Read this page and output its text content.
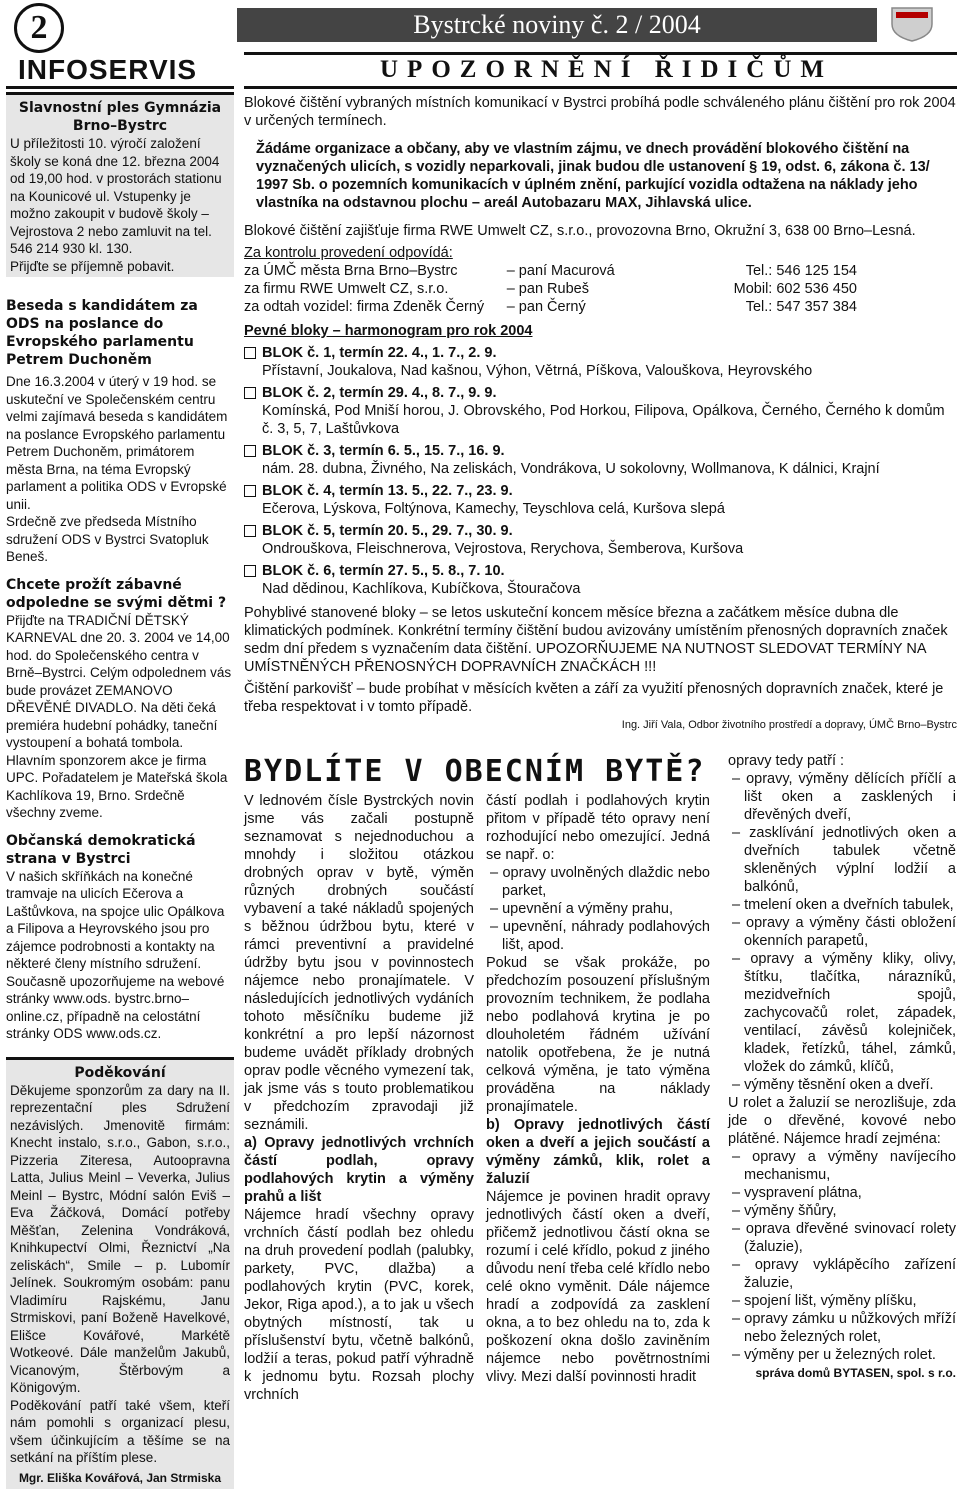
2	Bystrcké noviny č. 2 / 2004
INFOSERVIS
Slavnostní ples Gymnázia Brno–Bystrc
U příležitosti 10. výročí založení školy se koná dne 12. března 2004 od 19,00 hod. v prostorách stationu na Kounicové ul. Vstupenky je možno zakoupit v budově školy – Vejrostova 2 nebo zamluvit na tel. 546 214 930 kl. 130.
Přijďte se příjemně pobavit.
Beseda s kandidátem za ODS na poslance do Evropského parlamentu Petrem Duchoněm
Dne 16.3.2004 v úterý v 19 hod. se uskuteční ve Společenském centru velmi zajímavá beseda s kandidátem na poslance Evropského parlamentu Petrem Duchoněm, primátorem města Brna, na téma Evropský parlament a politika ODS v Evropské unii.
Srdečně zve předseda Místního sdružení ODS v Bystrci Svatopluk Beneš.
Chcete prožít zábavné odpoledne se svými dětmi ?
Přijďte na TRADIČNÍ DĚTSKÝ KARNEVAL dne 20. 3. 2004 ve 14,00 hod. do Společenského centra v Brně–Bystrci. Celým odpolednem vás bude provázet ZEMANOVO DŘEVĚNÉ DIVADLO. Na děti čeká premiéra hudební pohádky, taneční vystoupení a bohatá tombola. Hlavním sponzorem akce je firma UPC. Pořadatelem je Mateřská škola Kachlíkova 19, Brno. Srdečně všechny zveme.
Občanská demokratická strana v Bystrci
V našich skříňkách na konečné tramvaje na ulicích Ečerova a Laštůvkova, na spojce ulic Opálkova a Filipova a Heyrovského jsou pro zájemce podrobnosti a kontakty na některé členy místního sdružení. Současně upozorňujeme na webové stránky www.ods. bystrc.brno–online.cz, případně na celostátní stránky ODS www.ods.cz.
Poděkování
Děkujeme sponzorům za dary na II. reprezentační ples Sdružení nezávislých. Jmenovitě firmám: Knecht instalo, s.r.o., Gabon, s.r.o., Pizzeria Ziteresa, Autoopravna Latta, Julius Meinl – Veverka, Julius Meinl – Bystrc, Módní salón Eviš – Eva Žáčková, Domácí potřeby Měšťan, Zelenina Vondráková, Knihkupectví Olmi, Řeznictví „Na zeliskách“, Smile – p. Lubomír Jelínek. Soukromým osobám: panu Vladimíru Rajskému, Janu Strmiskovi, paní Boženě Havelkové, Elišce Kovářové, Markétě Wotkeové. Dále manželům Jakubů, Vicanovým, Štěrbovým a Königovým.
Poděkování patří také všem, kteří nám pomohli s organizací plesu, všem účinkujícím a těšíme se na setkání na příštím plese.
Mgr. Eliška Kovářová, Jan Strmiska
UPOZORNĚNÍ ŘIDIČŮM
Blokové čištění vybraných místních komunikací v Bystrci probíhá podle schváleného plánu čištění pro rok 2004 v určených termínech.
Žádáme organizace a občany, aby ve vlastním zájmu, ve dnech provádění blokového čištění na vyznačených ulicích, s vozidly neparkovali, jinak budou dle ustanovení § 19, odst. 6, zákona č. 13/ 1997 Sb. o pozemních komunikacích v úplném znění, parkující vozidla odtažena na náklady jeho vlastníka na odstavnou plochu – areál Autobazaru MAX, Jihlavská ulice.
Blokové čištění zajišťuje firma RWE Umwelt CZ, s.r.o., provozovna Brno, Okružní 3, 638 00 Brno–Lesná.
Za kontrolu provedení odpovídá:
za ÚMČ města Brna Brno–Bystrc	– paní Macurová	Tel.: 546 125 154
za firmu RWE Umwelt CZ, s.r.o.	– pan Rubeš	Mobil: 602 536 450
za odtah vozidel: firma Zdeněk Černý	– pan Černý	Tel.: 547 357 384
Pevné bloky – harmonogram pro rok 2004
BLOK č. 1, termín 22. 4., 1. 7., 2. 9.
Přístavní, Joukalova, Nad kašnou, Výhon, Větrná, Píškova, Valouškova, Heyrovského
BLOK č. 2, termín 29. 4., 8. 7., 9. 9.
Komínská, Pod Mniší horou, J. Obrovského, Pod Horkou, Filipova, Opálkova, Černého, Černého k domům č. 3, 5, 7, Laštůvkova
BLOK č. 3, termín 6. 5., 15. 7., 16. 9.
nám. 28. dubna, Živného, Na zeliskách, Vondrákova, U sokolovny, Wollmanova, K dálnici, Krajní
BLOK č. 4, termín 13. 5., 22. 7., 23. 9.
Ečerova, Lýskova, Foltýnova, Kamechy, Teyschlova celá, Kuršova slepá
BLOK č. 5, termín 20. 5., 29. 7., 30. 9.
Ondrouškova, Fleischnerova, Vejrostova, Rerychova, Šemberova, Kuršova
BLOK č. 6, termín 27. 5., 5. 8., 7. 10.
Nad dědinou, Kachlíkova, Kubíčkova, Štouračova
Pohyblivé stanovené bloky – se letos uskuteční koncem měsíce března a začátkem měsíce dubna dle klimatických podmínek. Konkrétní termíny čištění budou avizovány umístěním přenosných dopravních značek sedm dní předem s vyznačením data čištění. UPOZORŇUJEME NA NUTNOST SLEDOVAT TERMÍNY NA UMÍSTNĚNÝCH PŘENOSNÝCH DOPRAVNÍCH ZNAČKÁCH !!!
Čištění parkovišť – bude probíhat v měsících květen a září za využití přenosných dopravních značek, které je třeba respektovat i v tomto případě.
Ing. Jiří Vala, Odbor životního prostředí a dopravy, ÚMČ Brno–Bystrc
BYDLÍTE V OBECNÍM BYTĚ?

V lednovém čísle Bystrckých novin jsme vás začali postupně seznamovat s nejednoduchou a mnohdy i složitou otázkou drobných oprav v bytě, výměn různých drobných součástí vybavení a také nákladů spojených s běžnou údržbou bytu, které v rámci preventivní a pravidelné údržby bytu jsou v povinnostech nájemce nebo pronajímatele. V následujících jednotlivých vydáních tohoto měsíčníku budeme již konkrétní a pro lepší názornost budeme uvádět příklady drobných oprav podle věcného vymezení tak, jak jsme vás s touto problematikou v předchozím zpravodaji již seznámili.

a) Opravy jednotlivých vrchních částí podlah, opravy podlahových krytin a výměny prahů a lišt

Nájemce hradí všechny opravy vrchních částí podlah bez ohledu na druh provedení podlah (palubky, parkety, PVC, dlažba) a podlahových krytin (PVC, korek, Jekor, Riga apod.), a to jak u všech obytných místností, tak u příslušenství bytu, včetně balkónů, lodžií a teras, pokud patří výhradně k jednomu bytu. Rozsah plochy vrchních

částí podlah i podlahových krytin přitom v případě této opravy není rozhodující nebo omezující. Jedná se např. o:

– opravy uvolněných dlaždic nebo parket,
– upevnění a výměny prahu,
– upevnění, náhrady podlahových lišt, apod.

Pokud se však prokáže, po předchozím posouzení příslušným provozním technikem, že podlaha nebo podlahová krytina je po dlouholetém řádném užívání natolik opotřebena, že je nutná celková výměna, je tato výměna prováděna na náklady pronajímatele.

b) Opravy jednotlivých částí oken a dveří a jejich součástí a výměny zámků, klik, rolet a žaluzií

Nájemce je povinen hradit opravy jednotlivých částí oken a dveří, přičemž jednotlivou částí okna se rozumí i celé křídlo, pokud z jiného důvodu není třeba celé křídlo nebo celé okno vyměnit. Dále nájemce hradí a zodpovídá za zasklení okna, a to bez ohledu na to, zda k poškození okna došlo zaviněním nájemce nebo povětrnostními vlivy. Mezi další povinnosti hradit

opravy tedy patří :

– opravy, výměny dělících příčlí a lišt oken a zasklených i dřevěných dveří,
– zasklívání jednotlivých oken a dveřních tabulek včetně skleněných výplní lodžií a balkónů,
– tmelení oken a dveřních tabulek,
– opravy a výměny části obložení okenních parapetů,
– opravy a výměny kliky, olivy, štítku, tlačítka, nárazníků, mezidveřních spojů, zachycovačů rolet, západek, ventilací, závěsů kolejniček, kladek, řetízků, táhel, zámků, vložek do zámků, klíčů,
– výměny těsnění oken a dveří.

U rolet a žaluzií se nerozlišuje, zda jde o dřevěné, kovové nebo plátěné. Nájemce hradí zejména:

– opravy a výměny navíjecího mechanismu,
– vyspravení plátna,
– výměny šňůry,
– oprava dřevěné svinovací rolety (žaluzie),
– opravy vyklápěcího zařízení žaluzie,
– spojení lišt, výměny plíšku,
– opravy zámku u nůžkových mříží nebo železných rolet,
– výměny per u železných rolet.

správa domů BYTASEN, spol. s r.o.
